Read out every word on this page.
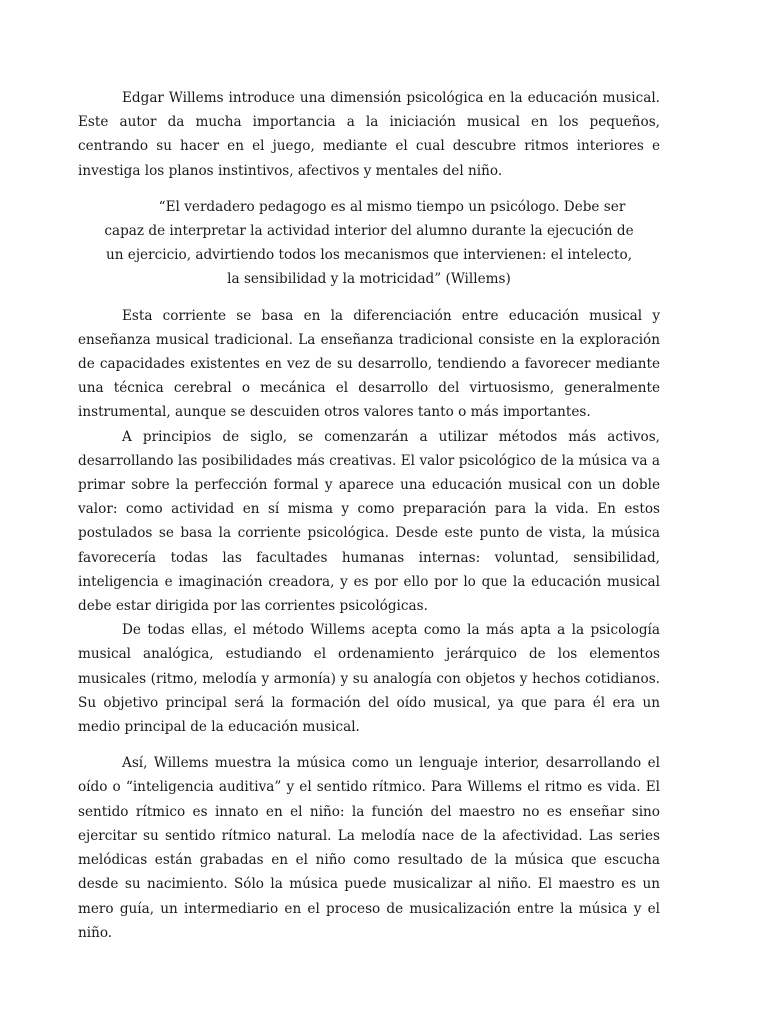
Edgar Willems introduce una dimensión psicológica en la educación musical. Este autor da mucha importancia a la iniciación musical en los pequeños, centrando su hacer en el juego, mediante el cual descubre ritmos interiores e investiga los planos instintivos, afectivos y mentales del niño.

“El verdadero pedagogo es al mismo tiempo un psicólogo. Debe ser capaz de interpretar la actividad interior del alumno durante la ejecución de un ejercicio, advirtiendo todos los mecanismos que intervienen: el intelecto, la sensibilidad y la motricidad” (Willems)

Esta corriente se basa en la diferenciación entre educación musical y enseñanza musical tradicional. La enseñanza tradicional consiste en la exploración de capacidades existentes en vez de su desarrollo, tendiendo a favorecer mediante una técnica cerebral o mecánica el desarrollo del virtuosismo, generalmente instrumental, aunque se descuiden otros valores tanto o más importantes.

A principios de siglo, se comenzarán a utilizar métodos más activos, desarrollando las posibilidades más creativas. El valor psicológico de la música va a primar sobre la perfección formal y aparece una educación musical con un doble valor: como actividad en sí misma y como preparación para la vida. En estos postulados se basa la corriente psicológica. Desde este punto de vista, la música favorecería todas las facultades humanas internas: voluntad, sensibilidad, inteligencia e imaginación creadora, y es por ello por lo que la educación musical debe estar dirigida por las corrientes psicológicas.

De todas ellas, el método Willems acepta como la más apta a la psicología musical analógica, estudiando el ordenamiento jerárquico de los elementos musicales (ritmo, melodía y armonía) y su analogía con objetos y hechos cotidianos. Su objetivo principal será la formación del oído musical, ya que para él era un medio principal de la educación musical.

Así, Willems muestra la música como un lenguaje interior, desarrollando el oído o “inteligencia auditiva” y el sentido rítmico. Para Willems el ritmo es vida. El sentido rítmico es innato en el niño: la función del maestro no es enseñar sino ejercitar su sentido rítmico natural. La melodía nace de la afectividad. Las series melódicas están grabadas en el niño como resultado de la música que escucha desde su nacimiento. Sólo la música puede musicalizar al niño. El maestro es un mero guía, un intermediario en el proceso de musicalización entre la música y el niño.
